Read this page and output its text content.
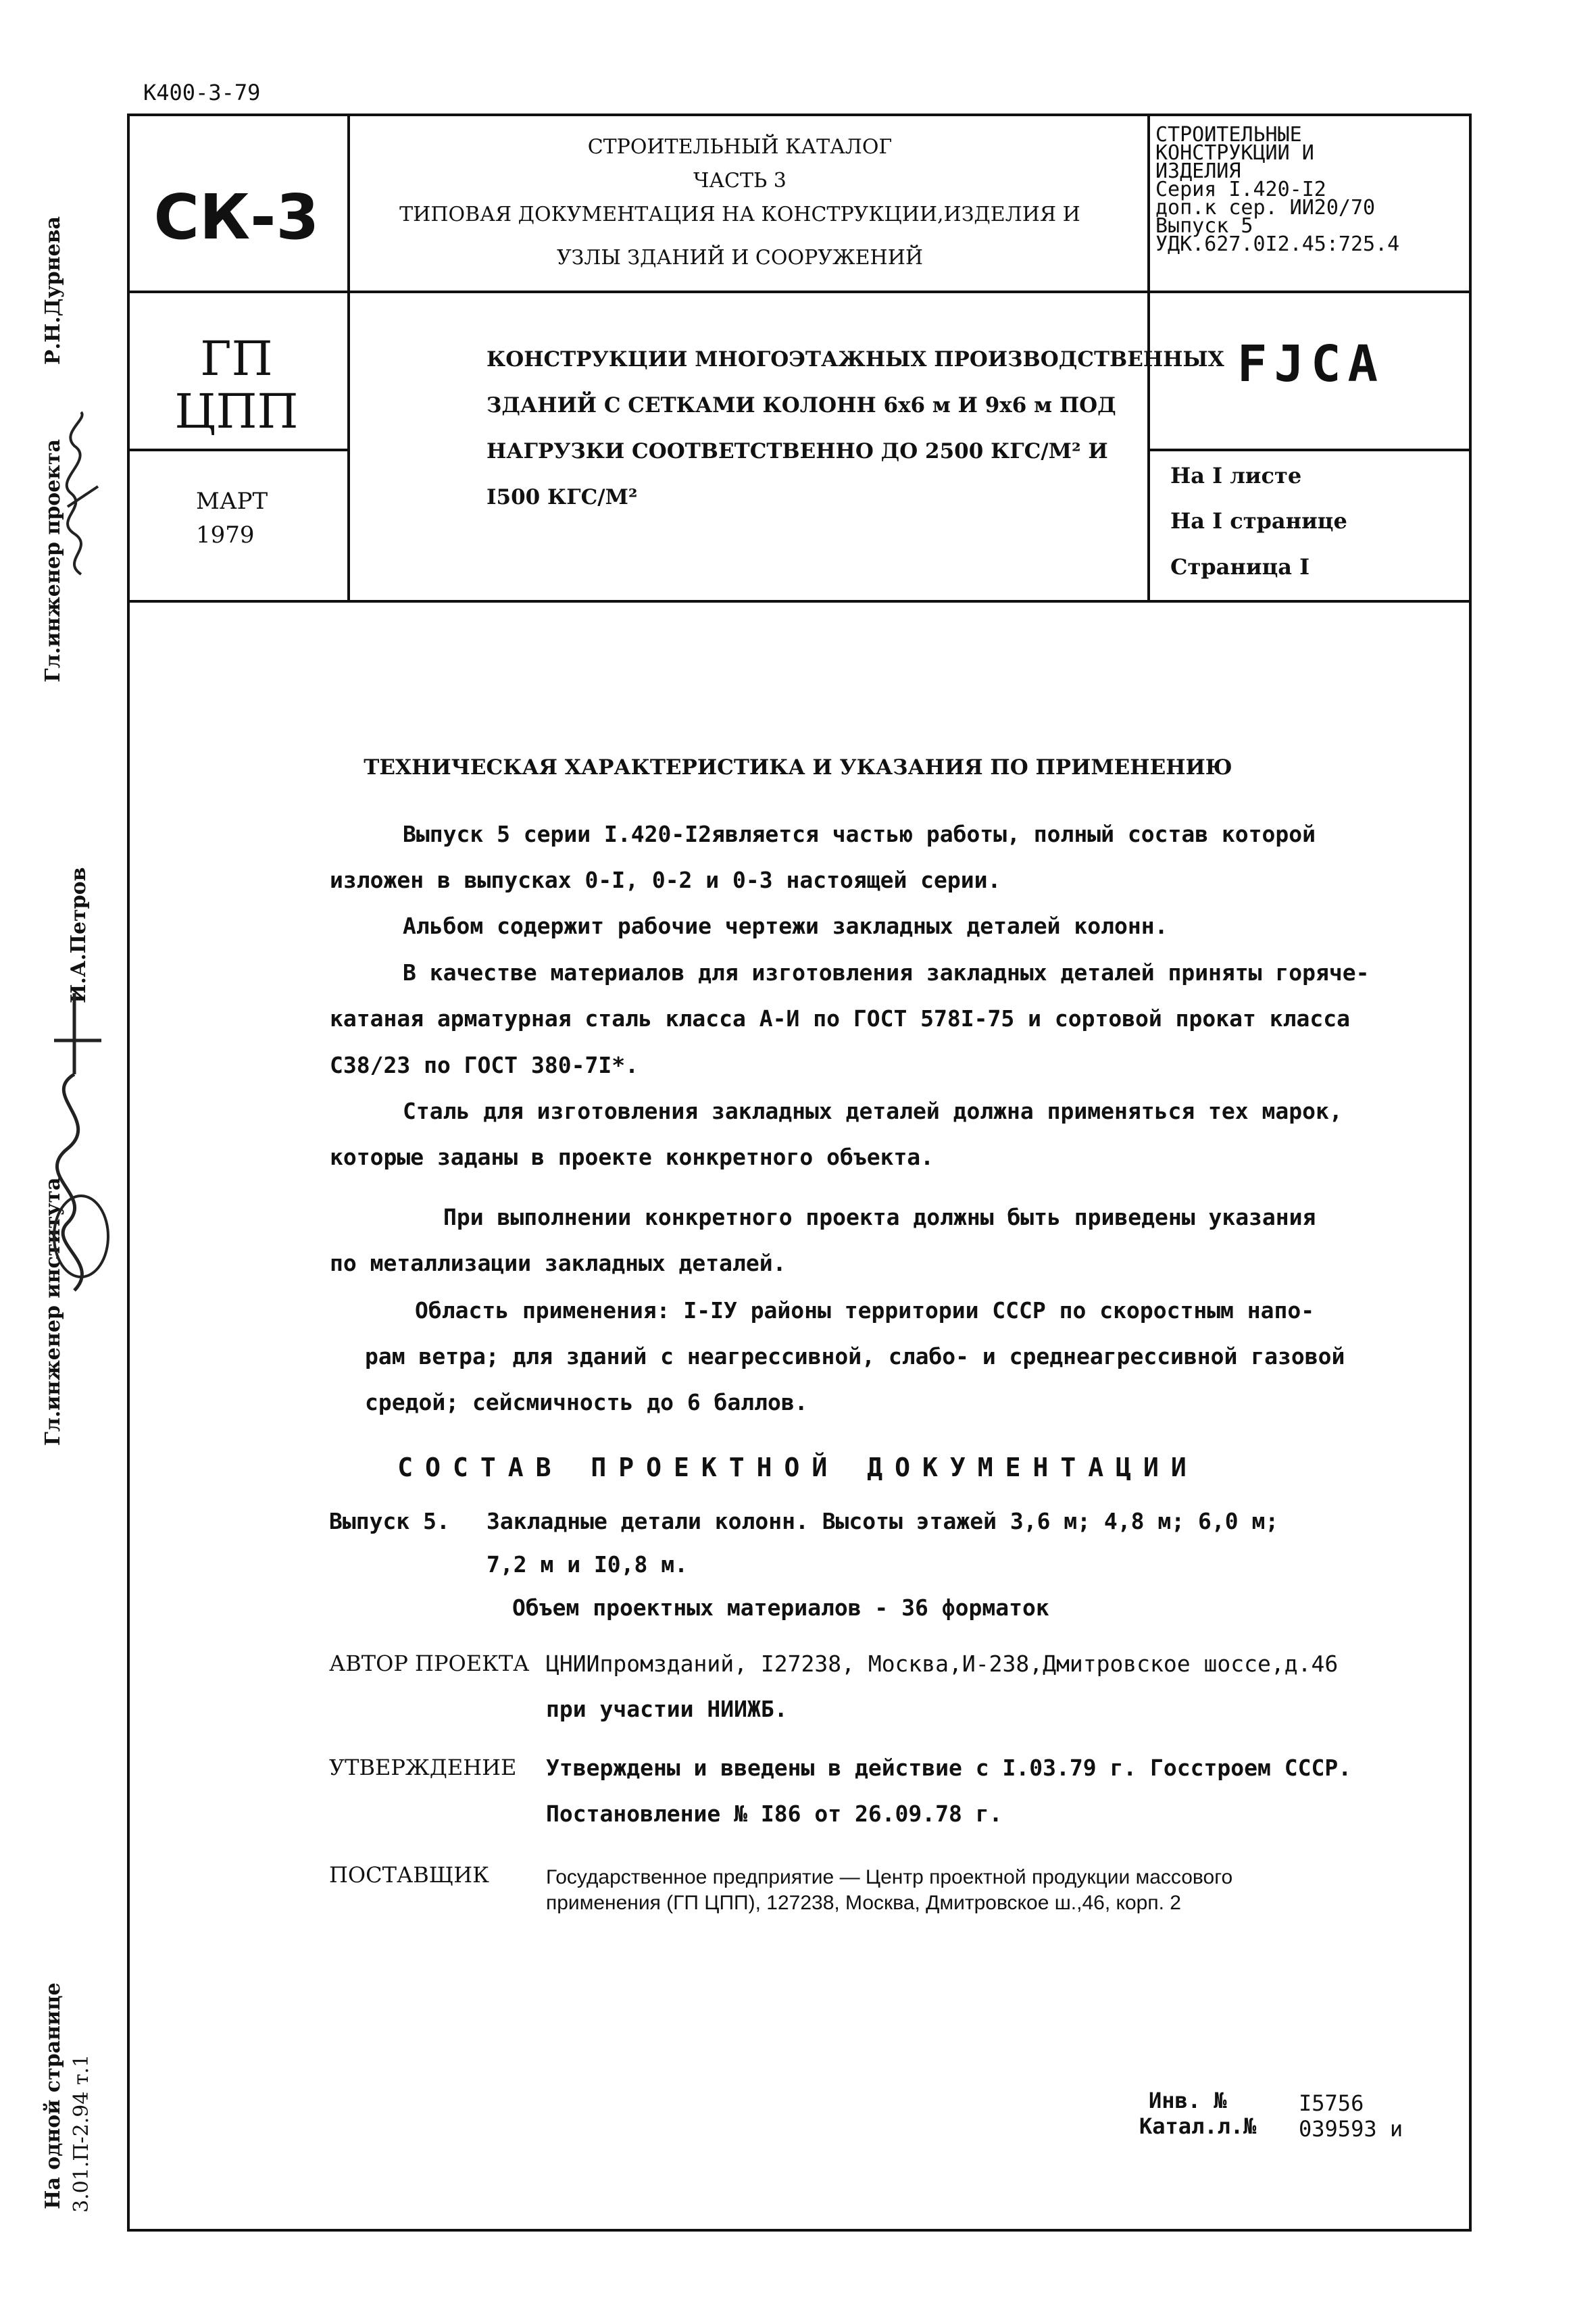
К400-3-79
СК-3
ГП
ЦПП
МАРТ
1979
СТРОИТЕЛЬНЫЙ КАТАЛОГ
ЧАСТЬ 3
ТИПОВАЯ ДОКУМЕНТАЦИЯ НА КОНСТРУКЦИИ,ИЗДЕЛИЯ И
УЗЛЫ ЗДАНИЙ И СООРУЖЕНИЙ
КОНСТРУКЦИИ МНОГОЭТАЖНЫХ ПРОИЗВОДСТВЕННЫХ
ЗДАНИЙ С СЕТКАМИ КОЛОНН 6х6 м И 9х6 м ПОД
НАГРУЗКИ СООТВЕТСТВЕННО ДО 2500 КГС/М² И
I500 КГС/М²
СТРОИТЕЛЬНЫЕ
КОНСТРУКЦИИ И
ИЗДЕЛИЯ
Серия I.420-I2
доп.к сер. ИИ20/70
Выпуск 5
УДК.627.0I2.45:725.4
FJCA
На I листе
На I странице
Страница I
Гл.инженер проекта
Р.Н.Дурнева
Гл.инженер института
И.А.Петров
На одной странице 3.01.П-2.94 т.1
ТЕХНИЧЕСКАЯ ХАРАКТЕРИСТИКА И УКАЗАНИЯ ПО ПРИМЕНЕНИЮ
Выпуск 5 серии I.420-I2является частью работы, полный состав которой
изложен в выпусках 0-I, 0-2 и 0-3 настоящей серии.
Альбом содержит рабочие чертежи закладных деталей колонн.
В качестве материалов для изготовления закладных деталей приняты горяче-
катаная арматурная сталь класса А-И по ГОСТ 578I-75 и сортовой прокат класса
С38/23 по ГОСТ 380-7I*.
Сталь для изготовления закладных деталей должна применяться тех марок,
которые заданы в проекте конкретного объекта.
При выполнении конкретного проекта должны быть приведены указания
по металлизации закладных деталей.
Область применения: I-IУ районы территории СССР по скоростным напо-
рам ветра; для зданий с неагрессивной, слабо- и среднеагрессивной газовой
средой; сейсмичность до 6 баллов.
СОСТАВ ПРОЕКТНОЙ ДОКУМЕНТАЦИИ
Выпуск 5. Закладные детали колонн. Высоты этажей 3,6 м; 4,8 м; 6,0 м;
7,2 м и I0,8 м.
Объем проектных материалов - 36 форматок
АВТОР ПРОЕКТА ЦНИИпромзданий, I27238, Москва,И-238,Дмитровское шоссе,д.46
при участии НИИЖБ.
УТВЕРЖДЕНИЕ Утверждены и введены в действие с I.03.79 г. Госстроем СССР.
Постановление № I86 от 26.09.78 г.
ПОСТАВЩИК	Государственное предприятие — Центр проектной продукции массового
применения (ГП ЦПП), 127238, Москва, Дмитровское ш.,46, корп. 2
Инв. №	I5756
Катал.л.№ 039593 и
